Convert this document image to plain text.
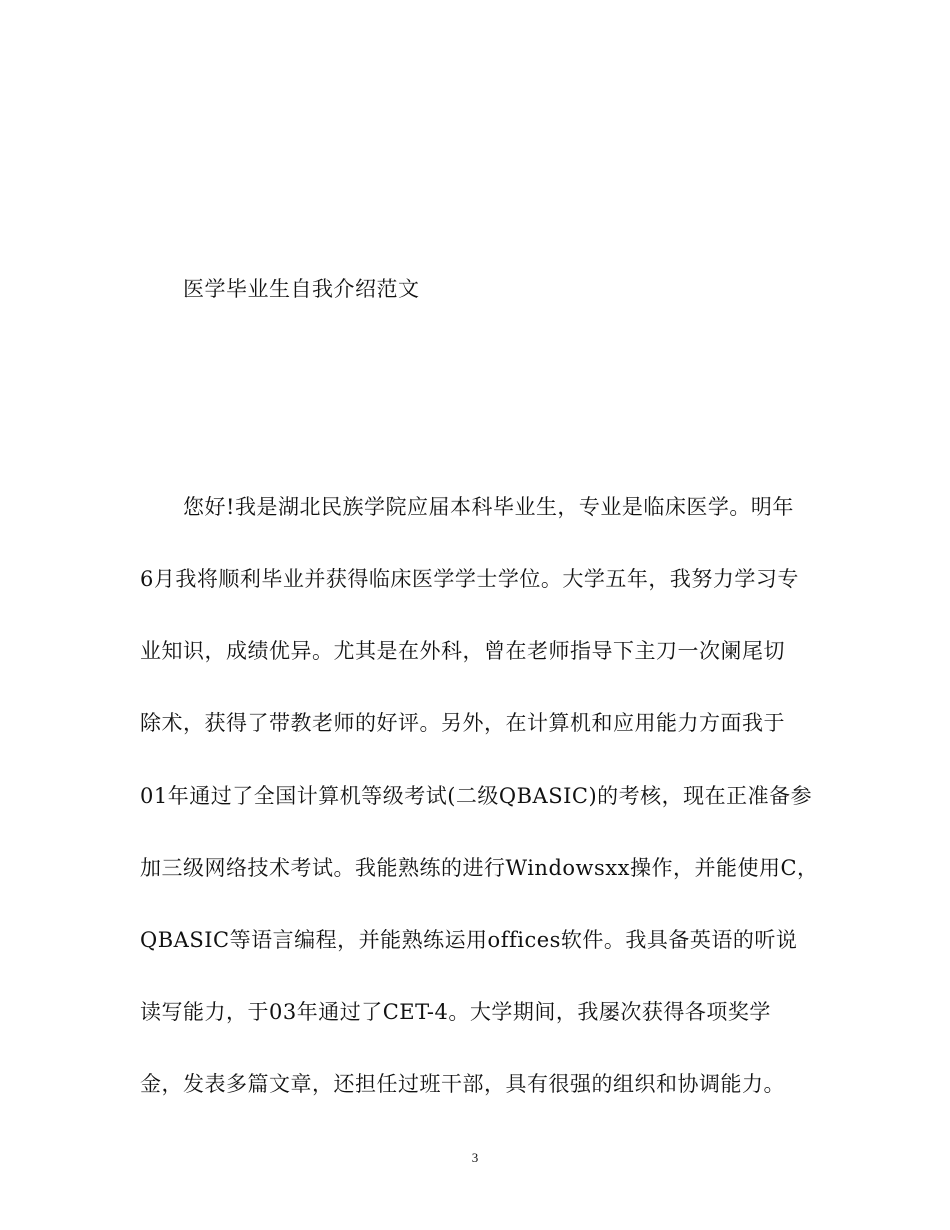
医学毕业生自我介绍范文
您好!我是湖北民族学院应届本科毕业生，专业是临床医学。明年
6月我将顺利毕业并获得临床医学学士学位。大学五年，我努力学习专
业知识，成绩优异。尤其是在外科，曾在老师指导下主刀一次阑尾切
除术，获得了带教老师的好评。另外，在计算机和应用能力方面我于
01年通过了全国计算机等级考试(二级QBASIC)的考核，现在正准备参
加三级网络技术考试。我能熟练的进行Windowsxx操作，并能使用C，
QBASIC等语言编程，并能熟练运用offices软件。我具备英语的听说
读写能力，于03年通过了CET-4。大学期间，我屡次获得各项奖学
金，发表多篇文章，还担任过班干部，具有很强的组织和协调能力。
3
